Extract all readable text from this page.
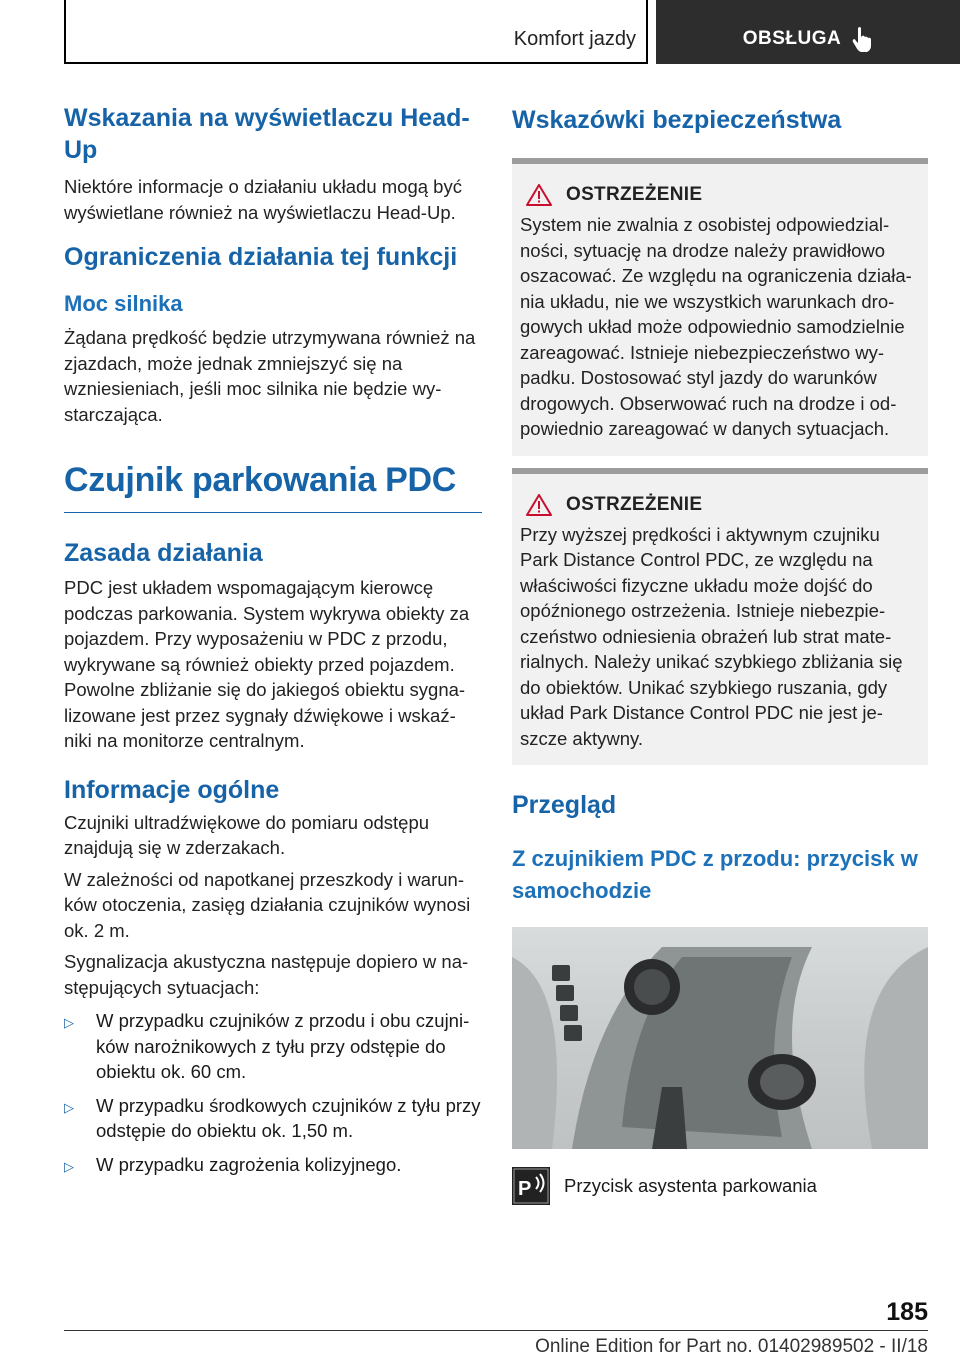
Komfort jazdy	OBSŁUGA
Wskazania na wyświetlaczu Head-Up

Niektóre informacje o działaniu układu mogą być wyświetlane również na wyświetlaczu Head-Up.

Ograniczenia działania tej funkcji
Moc silnika

Żądana prędkość będzie utrzymywana również na zjazdach, może jednak zmniejszyć się na wzniesieniach, jeśli moc silnika nie będzie wy-starczająca.

Czujnik parkowania PDC
Zasada działania

PDC jest układem wspomagającym kierowcę podczas parkowania. System wykrywa obiekty za pojazdem. Przy wyposażeniu w PDC z przodu, wykrywane są również obiekty przed pojazdem. Powolne zbliżanie się do jakiegoś obiektu sygna-lizowane jest przez sygnały dźwiękowe i wskaź-niki na monitorze centralnym.

Informacje ogólne

Czujniki ultradźwiękowe do pomiaru odstępu znajdują się w zderzakach.

W zależności od napotkanej przeszkody i warun-ków otoczenia, zasięg działania czujników wynosi ok. 2 m.

Sygnalizacja akustyczna następuje dopiero w na-stępujących sytuacjach:

▷	W przypadku czujników z przodu i obu czujni-ków narożnikowych z tyłu przy odstępie do obiektu ok. 60 cm.
▷	W przypadku środkowych czujników z tyłu przy odstępie do obiektu ok. 1,50 m.
▷	W przypadku zagrożenia kolizyjnego.
Wskazówki bezpieczeństwa
OSTRZEŻENIE

System nie zwalnia z osobistej odpowiedzial-ności, sytuację na drodze należy prawidłowo oszacować. Ze względu na ograniczenia działa-nia układu, nie we wszystkich warunkach dro-gowych układ może odpowiednio samodzielnie zareagować. Istnieje niebezpieczeństwo wy-padku. Dostosować styl jazdy do warunków drogowych. Obserwować ruch na drodze i od-powiednio zareagować w danych sytuacjach.

OSTRZEŻENIE

Przy wyższej prędkości i aktywnym czujniku Park Distance Control PDC, ze względu na właściwości fizyczne układu może dojść do opóźnionego ostrzeżenia. Istnieje niebezpie-czeństwo odniesienia obrażeń lub strat mate-rialnych. Należy unikać szybkiego zbliżania się do obiektów. Unikać szybkiego ruszania, gdy układ Park Distance Control PDC nie jest je-szcze aktywny.

Przegląd
Z czujnikiem PDC z przodu: przycisk w samochodzie
P Przycisk asystenta parkowania
185
Online Edition for Part no. 01402989502 - II/18
